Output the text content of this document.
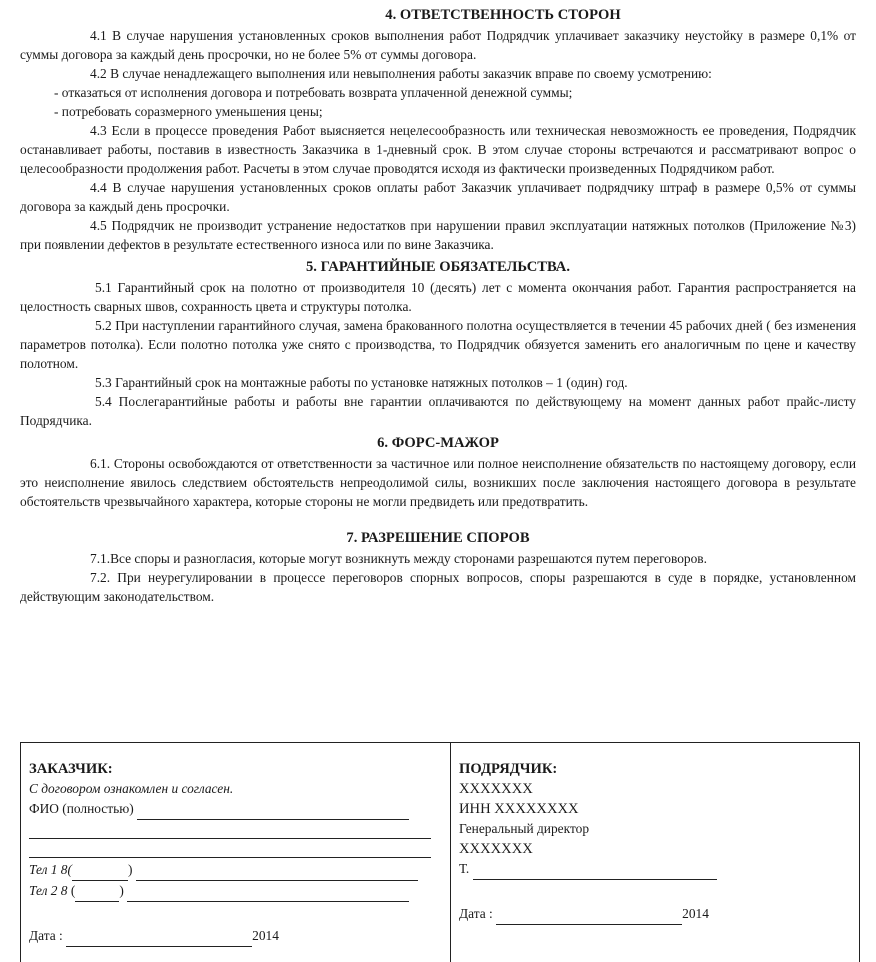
4. ОТВЕТСТВЕННОСТЬ СТОРОН

4.1 В случае нарушения установленных сроков выполнения работ Подрядчик уплачивает заказчику неустойку в размере 0,1% от суммы договора за каждый день просрочки, но не более 5% от суммы договора.

4.2 В случае ненадлежащего выполнения или невыполнения работы заказчик вправе по своему усмотрению:

- отказаться от исполнения договора и потребовать возврата уплаченной денежной суммы;

- потребовать соразмерного уменьшения цены;

4.3 Если в процессе проведения Работ выясняется нецелесообразность или техническая невозможность ее проведения, Подрядчик останавливает работы, поставив в известность Заказчика в 1-дневный срок. В этом случае стороны встречаются и рассматривают вопрос о целесообразности продолжения работ. Расчеты в этом случае проводятся исходя из фактически произведенных Подрядчиком работ.

4.4 В случае нарушения установленных сроков оплаты работ Заказчик уплачивает подрядчику штраф в размере 0,5% от суммы договора за каждый день просрочки.

4.5 Подрядчик не производит устранение недостатков при нарушении правил эксплуатации натяжных потолков (Приложение №3) при появлении дефектов в результате естественного износа или по вине Заказчика.

5. ГАРАНТИЙНЫЕ ОБЯЗАТЕЛЬСТВА.

5.1 Гарантийный срок на полотно от производителя 10 (десять) лет с момента окончания работ. Гарантия распространяется на целостность сварных швов, сохранность цвета и структуры потолка.

5.2 При наступлении гарантийного случая, замена бракованного полотна осуществляется в течении 45 рабочих дней ( без изменения параметров потолка). Если полотно потолка уже снято с производства, то Подрядчик обязуется заменить его аналогичным по цене и качеству полотном.

5.3 Гарантийный срок на монтажные работы по установке натяжных потолков – 1 (один) год.

5.4 Послегарантийные работы и работы вне гарантии оплачиваются по действующему на момент данных работ прайс-листу Подрядчика.

6. ФОРС-МАЖОР

6.1. Стороны освобождаются от ответственности за частичное или полное неисполнение обязательств по настоящему договору, если это неисполнение явилось следствием обстоятельств непреодолимой силы, возникших после заключения настоящего договора в результате обстоятельств чрезвычайного характера, которые стороны не могли предвидеть или предотвратить.

7. РАЗРЕШЕНИЕ СПОРОВ

7.1.Все споры и разногласия, которые могут возникнуть между сторонами разрешаются путем переговоров.

7.2. При неурегулировании в процессе переговоров спорных вопросов, споры разрешаются в суде в порядке, установленном действующим законодательством.

ЗАКАЗЧИК:
С договором ознакомлен и согласен.
ФИО (полностью)
Тел 1 8(	)
Тел 2 8 (	)
Дата :	2014
ПОДРЯДЧИК:
XXXXXXX
ИНН XXXXXXXX
Генеральный директор
XXXXXXX
Т.
Дата :	2014
